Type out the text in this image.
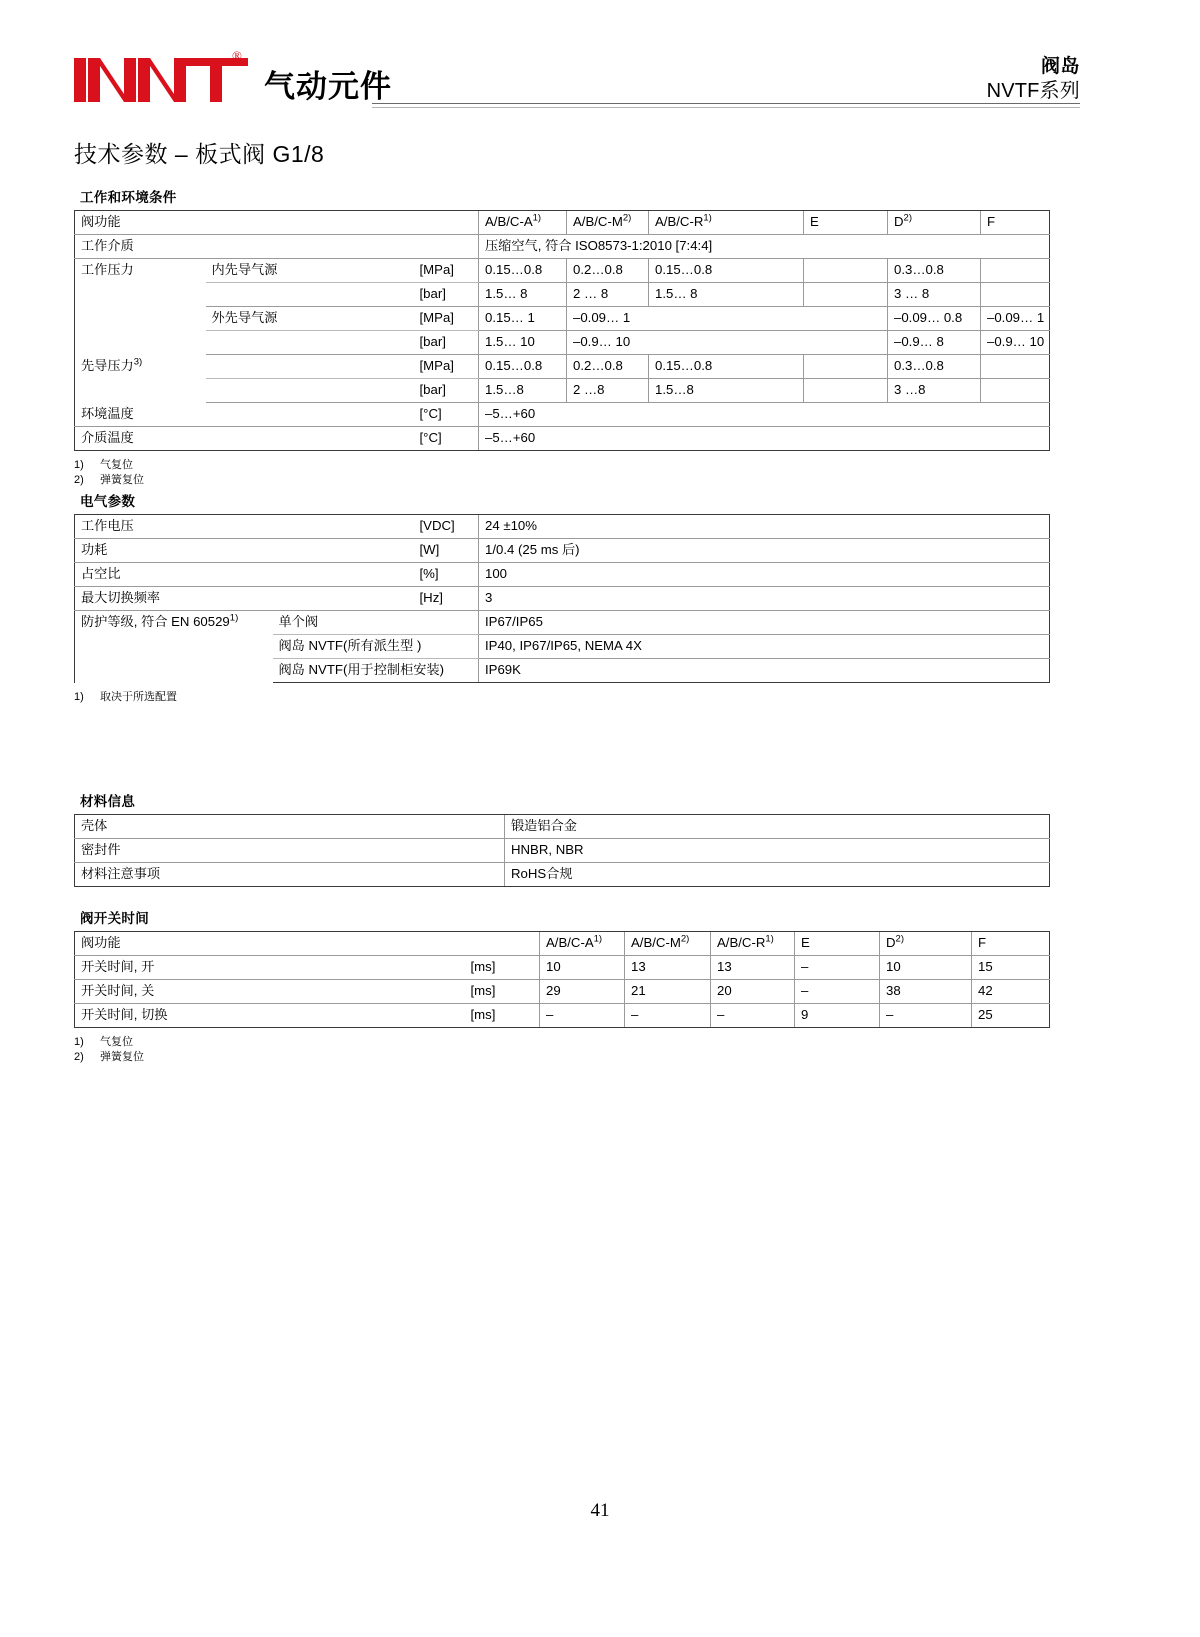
®
气动元件
阀岛
NVTF系列
技术参数 – 板式阀 G1/8
工作和环境条件
阀功能			$A/B/C-A^{1)}$	$A/B/C-M^{2)}$	$A/B/C-R^{1)}$	E	$D^{2)}$	F
工作介质			压缩空气, 符合 ISO8573-1:2010 [7:4:4]					
工作压力	内先导气源	[MPa]	0.15…0.8	0.2…0.8	0.15…0.8		0.3…0.8	
		[bar]	1.5… 8	2 … 8	1.5… 8		3 … 8	
	外先导气源	[MPa]	0.15… 1	–0.09… 1			–0.09… 0.8	–0.09… 1
		[bar]	1.5… 10	–0.9… 10			–0.9… 8	–0.9… 10
先导压力$^{3)}$		[MPa]	0.15…0.8	0.2…0.8	0.15…0.8		0.3…0.8	
		[bar]	1.5…8	2 …8	1.5…8		3 …8	
环境温度		[°C]	–5…+60					
介质温度		[°C]	–5…+60					
1)	气复位
2)	弹簧复位
电气参数
工作电压		[VDC]	24 ±10%
功耗		[W]	1/0.4 (25 ms 后)
占空比		[%]	100
最大切换频率		[Hz]	3
防护等级, 符合 EN 60529$^{1)}$	单个阀		IP67/IP65
	阀岛 NVTF(所有派生型 )		IP40, IP67/IP65, NEMA 4X
	阀岛 NVTF(用于控制柜安装)		IP69K
1)	取决于所选配置
材料信息
壳体	锻造铝合金
密封件	HNBR, NBR
材料注意事项	RoHS合规
阀开关时间
阀功能		$A/B/C-A^{1)}$	$A/B/C-M^{2)}$	$A/B/C-R^{1)}$	E	$D^{2)}$	F
开关时间, 开	[ms]	10	13	13	–	10	15
开关时间, 关	[ms]	29	21	20	–	38	42
开关时间, 切换	[ms]	–	–	–	9	–	25
1)	气复位
2)	弹簧复位
41
